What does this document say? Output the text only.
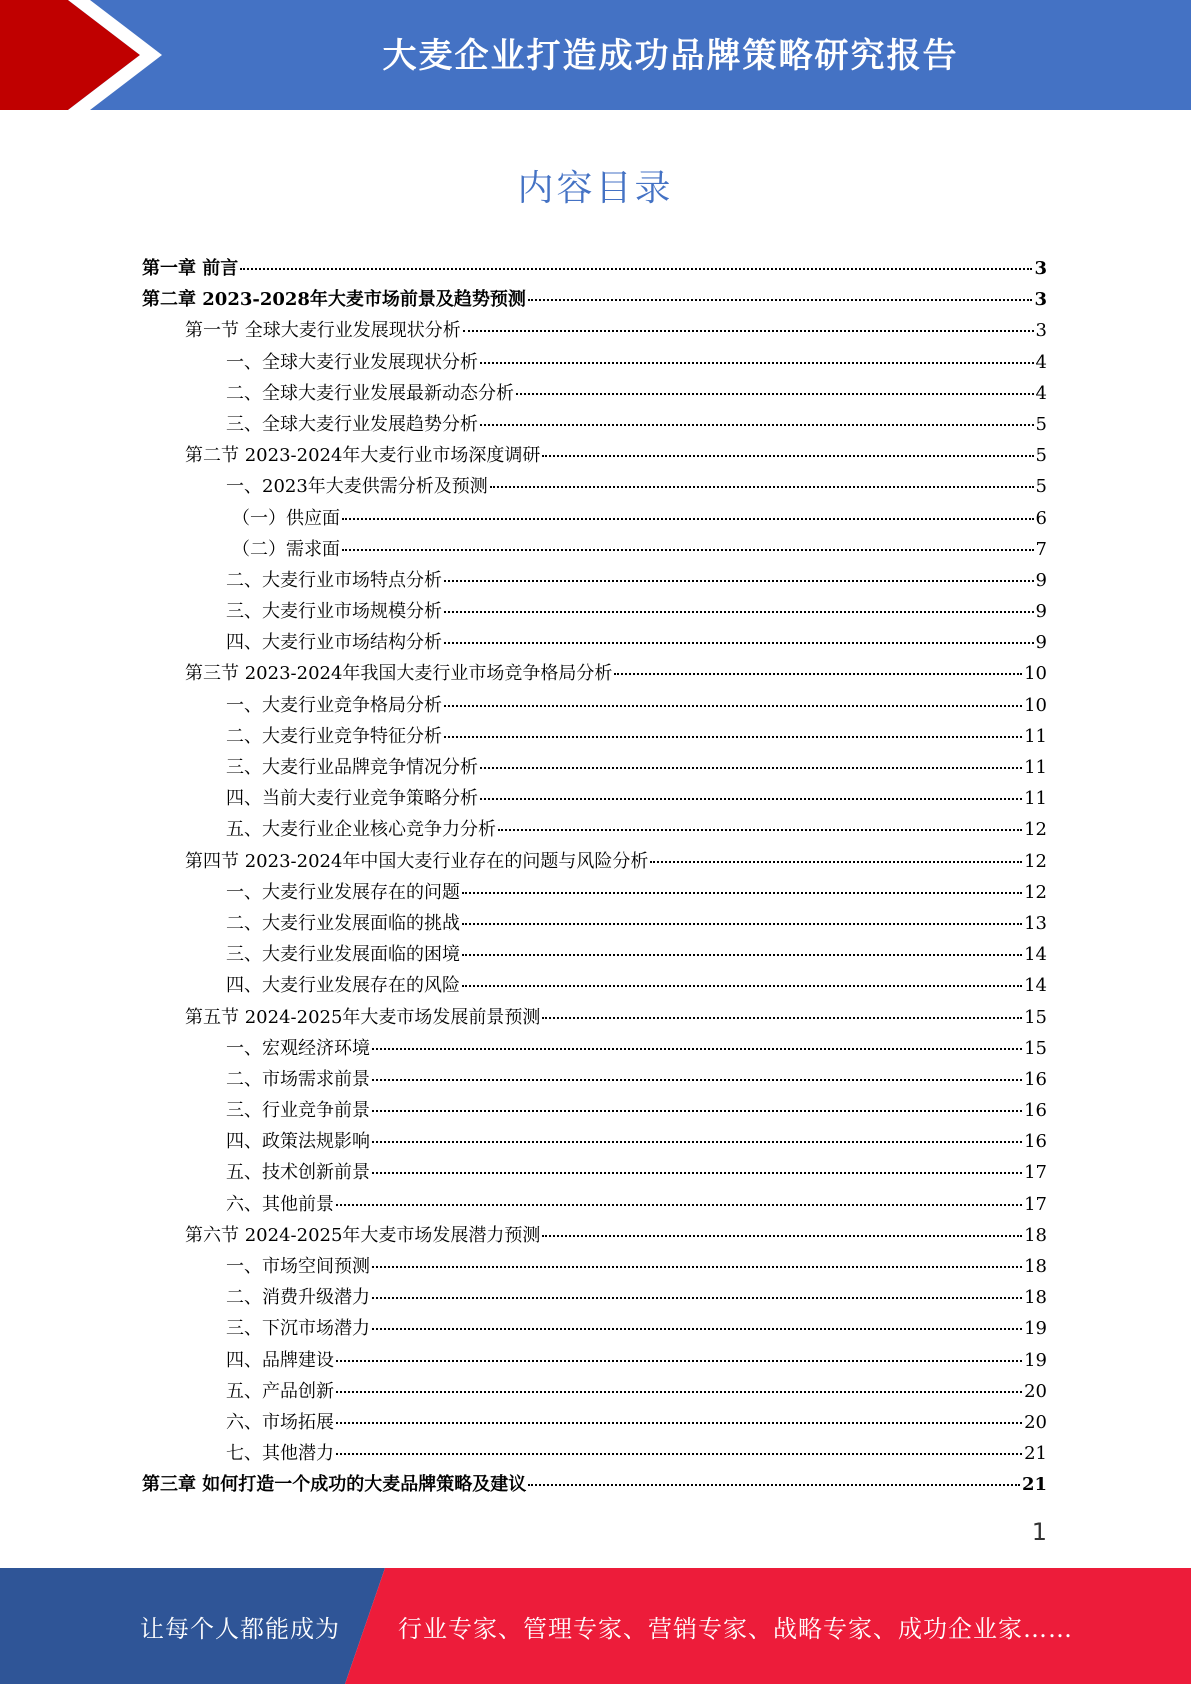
大麦企业打造成功品牌策略研究报告
内容目录
第一章 前言	3
第二章 2023-2028年大麦市场前景及趋势预测	3
第一节 全球大麦行业发展现状分析	3
一、全球大麦行业发展现状分析	4
二、全球大麦行业发展最新动态分析	4
三、全球大麦行业发展趋势分析	5
第二节 2023-2024年大麦行业市场深度调研	5
一、2023年大麦供需分析及预测	5
（一）供应面	6
（二）需求面	7
二、大麦行业市场特点分析	9
三、大麦行业市场规模分析	9
四、大麦行业市场结构分析	9
第三节 2023-2024年我国大麦行业市场竞争格局分析	10
一、大麦行业竞争格局分析	10
二、大麦行业竞争特征分析	11
三、大麦行业品牌竞争情况分析	11
四、当前大麦行业竞争策略分析	11
五、大麦行业企业核心竞争力分析	12
第四节 2023-2024年中国大麦行业存在的问题与风险分析	12
一、大麦行业发展存在的问题	12
二、大麦行业发展面临的挑战	13
三、大麦行业发展面临的困境	14
四、大麦行业发展存在的风险	14
第五节 2024-2025年大麦市场发展前景预测	15
一、宏观经济环境	15
二、市场需求前景	16
三、行业竞争前景	16
四、政策法规影响	16
五、技术创新前景	17
六、其他前景	17
第六节 2024-2025年大麦市场发展潜力预测	18
一、市场空间预测	18
二、消费升级潜力	18
三、下沉市场潜力	19
四、品牌建设	19
五、产品创新	20
六、市场拓展	20
七、其他潜力	21
第三章 如何打造一个成功的大麦品牌策略及建议	21
1
让每个人都能成为 行业专家、管理专家、营销专家、战略专家、成功企业家……
